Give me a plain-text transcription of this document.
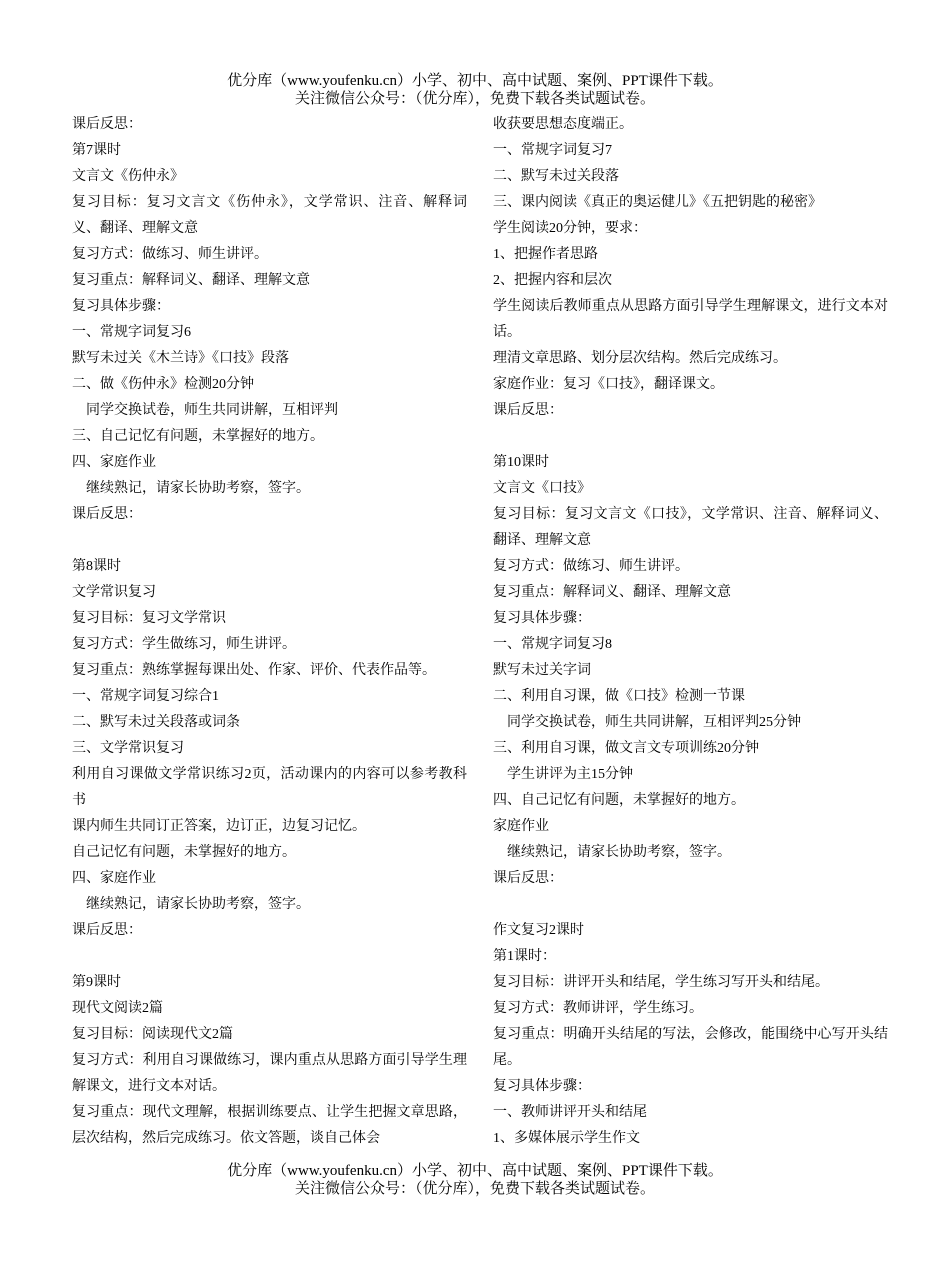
优分库（www.youfenku.cn）小学、初中、高中试题、案例、PPT课件下载。
关注微信公众号：（优分库），免费下载各类试题试卷。
课后反思：
第7课时
文言文《伤仲永》
复习目标：复习文言文《伤仲永》，文学常识、注音、解释词义、翻译、理解文意
复习方式：做练习、师生讲评。
复习重点：解释词义、翻译、理解文意
复习具体步骤：
一、常规字词复习6
默写未过关《木兰诗》《口技》段落
二、做《伤仲永》检测20分钟
　同学交换试卷，师生共同讲解，互相评判
三、自己记忆有问题，未掌握好的地方。
四、家庭作业
　继续熟记，请家长协助考察，签字。
课后反思：
第8课时
文学常识复习
复习目标：复习文学常识
复习方式：学生做练习，师生讲评。
复习重点：熟练掌握每课出处、作家、评价、代表作品等。
一、常规字词复习综合1
二、默写未过关段落或词条
三、文学常识复习
利用自习课做文学常识练习2页，活动课内的内容可以参考教科书
课内师生共同订正答案，边订正，边复习记忆。
自己记忆有问题，未掌握好的地方。
四、家庭作业
　继续熟记，请家长协助考察，签字。
课后反思：
第9课时
现代文阅读2篇
复习目标：阅读现代文2篇
复习方式：利用自习课做练习，课内重点从思路方面引导学生理解课文，进行文本对话。
复习重点：现代文理解，根据训练要点、让学生把握文章思路，层次结构，然后完成练习。依文答题，谈自己体会
收获要思想态度端正。
一、常规字词复习7
二、默写未过关段落
三、课内阅读《真正的奥运健儿》《五把钥匙的秘密》
学生阅读20分钟，要求：
1、把握作者思路
2、把握内容和层次
学生阅读后教师重点从思路方面引导学生理解课文，进行文本对话。
理清文章思路、划分层次结构。然后完成练习。
家庭作业：复习《口技》，翻译课文。
课后反思：
第10课时
文言文《口技》
复习目标：复习文言文《口技》，文学常识、注音、解释词义、翻译、理解文意
复习方式：做练习、师生讲评。
复习重点：解释词义、翻译、理解文意
复习具体步骤：
一、常规字词复习8
默写未过关字词
二、利用自习课，做《口技》检测一节课
　同学交换试卷，师生共同讲解，互相评判25分钟
三、利用自习课，做文言文专项训练20分钟
　学生讲评为主15分钟
四、自己记忆有问题，未掌握好的地方。
家庭作业
　继续熟记，请家长协助考察，签字。
课后反思：
作文复习2课时
第1课时：
复习目标：讲评开头和结尾，学生练习写开头和结尾。
复习方式：教师讲评，学生练习。
复习重点：明确开头结尾的写法，会修改，能围绕中心写开头结尾。
复习具体步骤：
一、教师讲评开头和结尾
1、多媒体展示学生作文
优分库（www.youfenku.cn）小学、初中、高中试题、案例、PPT课件下载。
关注微信公众号：（优分库），免费下载各类试题试卷。
